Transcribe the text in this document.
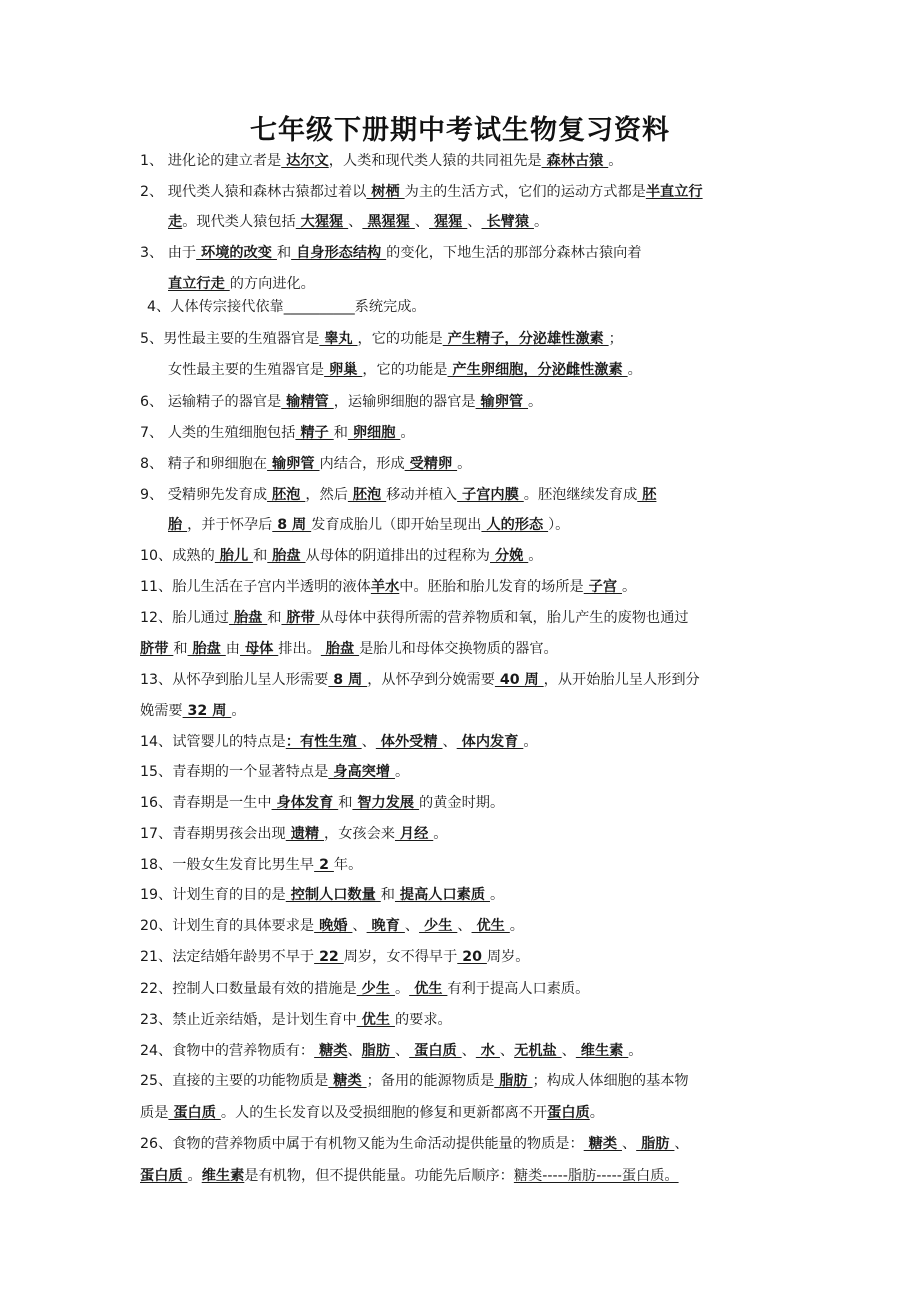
七年级下册期中考试生物复习资料
1、 进化论的建立者是 达尔文，人类和现代类人猿的共同祖先是 森林古猿 。
2、 现代类人猿和森林古猿都过着以 树栖 为主的生活方式，它们的运动方式都是半直立行
走。现代类人猿包括 大猩猩 、 黑猩猩 、 猩猩 、 长臂猿 。
3、 由于 环境的改变 和 自身形态结构 的变化，下地生活的那部分森林古猿向着
直立行走 的方向进化。
4、人体传宗接代依靠__________系统完成。
5、男性最主要的生殖器官是 睾丸 ，它的功能是 产生精子，分泌雄性激素 ；
女性最主要的生殖器官是 卵巢 ，它的功能是 产生卵细胞，分泌雌性激素 。
6、 运输精子的器官是 输精管 ，运输卵细胞的器官是 输卵管 。
7、 人类的生殖细胞包括 精子 和 卵细胞 。
8、 精子和卵细胞在 输卵管 内结合，形成 受精卵 。
9、 受精卵先发育成 胚泡 ，然后 胚泡 移动并植入 子宫内膜 。胚泡继续发育成 胚
胎 ，并于怀孕后 8 周 发育成胎儿（即开始呈现出 人的形态 ）。
10、成熟的 胎儿 和 胎盘 从母体的阴道排出的过程称为 分娩 。
11、胎儿生活在子宫内半透明的液体羊水中。胚胎和胎儿发育的场所是 子宫 。
12、胎儿通过 胎盘 和 脐带 从母体中获得所需的营养物质和氧，胎儿产生的废物也通过
脐带 和 胎盘 由 母体 排出。 胎盘 是胎儿和母体交换物质的器官。
13、从怀孕到胎儿呈人形需要 8 周 ，从怀孕到分娩需要 40 周 ，从开始胎儿呈人形到分
娩需要 32 周 。
14、试管婴儿的特点是：有性生殖 、 体外受精 、 体内发育 。
15、青春期的一个显著特点是 身高突增 。
16、青春期是一生中 身体发育 和 智力发展 的黄金时期。
17、青春期男孩会出现 遗精 ，女孩会来 月经 。
18、一般女生发育比男生早 2 年。
19、计划生育的目的是 控制人口数量 和 提高人口素质 。
20、计划生育的具体要求是 晚婚 、 晚育 、 少生 、 优生 。
21、法定结婚年龄男不早于 22 周岁，女不得早于 20 周岁。
22、控制人口数量最有效的措施是 少生 。 优生 有利于提高人口素质。
23、禁止近亲结婚，是计划生育中 优生 的要求。
24、食物中的营养物质有： 糖类、脂肪 、 蛋白质 、 水 、无机盐 、 维生素 。
25、直接的主要的功能物质是 糖类 ；备用的能源物质是 脂肪 ；构成人体细胞的基本物
质是 蛋白质 。人的生长发育以及受损细胞的修复和更新都离不开蛋白质。
26、食物的营养物质中属于有机物又能为生命活动提供能量的物质是： 糖类 、 脂肪 、
蛋白质 。维生素是有机物，但不提供能量。功能先后顺序：糖类-----脂肪-----蛋白质。
